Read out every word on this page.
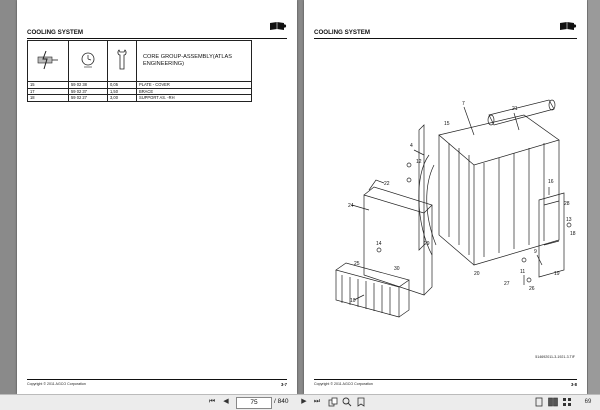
COOLING SYSTEM
			CORE GROUP-ASSEMBLY(ATLAS ENGINEERING)
15	59 02 38	0,05	PLATE - COVER
17	59 02 37	1,50	BRACE
18	59 02 27	3,00	SUPPORT AS. -RH
Copyright © 2011 AGCO Corporation	3-7
COOLING SYSTEM
7
21
24
4
16
9
10
11
12
13
14
15
18
19
20
22
25
26
27
28
29
30
514692011-3-1921-3.TIF
Copyright © 2011 AGCO Corporation	3-8
⏮	◀	75	/ 840	▶	⏭	69
